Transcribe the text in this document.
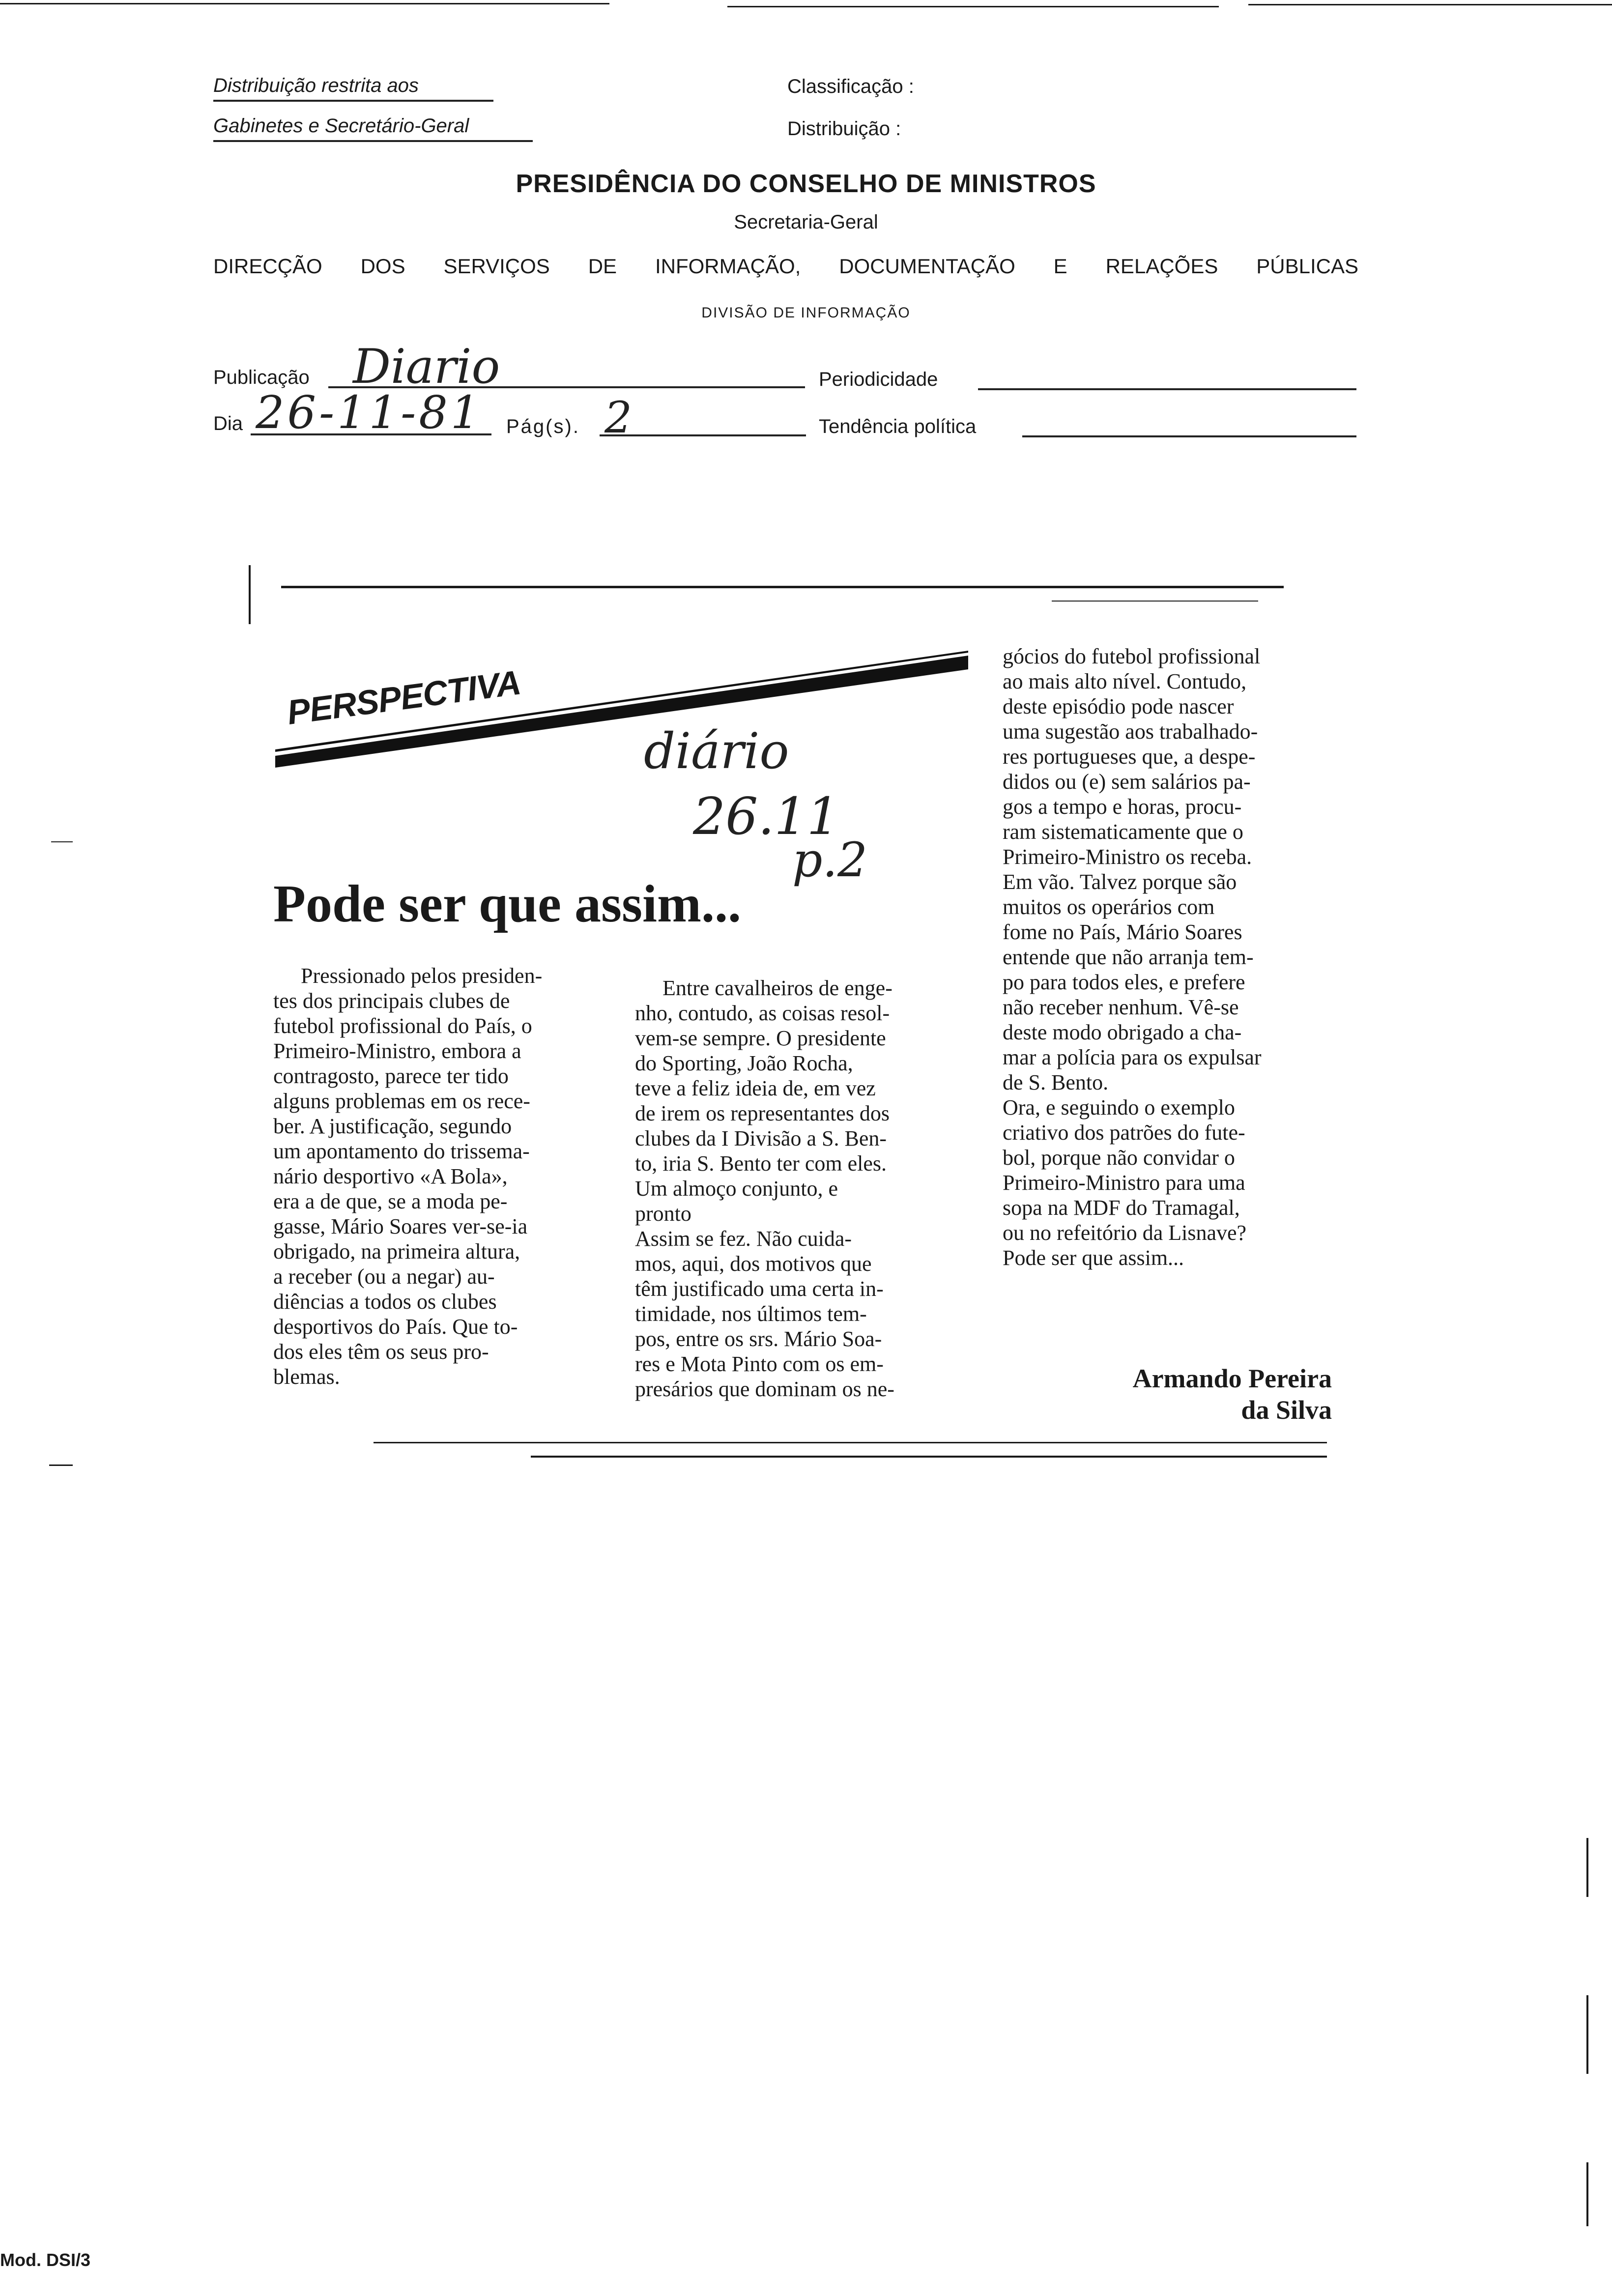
Distribuição restrita aos
Gabinetes e Secretário-Geral
Classificação :
Distribuição :
PRESIDÊNCIA DO CONSELHO DE MINISTROS
Secretaria-Geral
DIRECÇÃO DOS SERVIÇOS DE INFORMAÇÃO, DOCUMENTAÇÃO E RELAÇÕES PÚBLICAS
DIVISÃO DE INFORMAÇÃO
Publicação Diario	Periodicidade
Dia 26-11-81 Pág(s). 2	Tendência política
PERSPECTIVA
diário
26.11
p.2
Pode ser que assim...
Pressionado pelos presiden-
tes dos principais clubes de
futebol profissional do País, o
Primeiro-Ministro, embora a
contragosto, parece ter tido
alguns problemas em os rece-
ber. A justificação, segundo
um apontamento do trissema-
nário desportivo «A Bola»,
era a de que, se a moda pe-
gasse, Mário Soares ver-se-ia
obrigado, na primeira altura,
a receber (ou a negar) au-
diências a todos os clubes
desportivos do País. Que to-
dos eles têm os seus pro-
blemas.
Entre cavalheiros de enge-
nho, contudo, as coisas resol-
vem-se sempre. O presidente
do Sporting, João Rocha,
teve a feliz ideia de, em vez
de irem os representantes dos
clubes da I Divisão a S. Ben-
to, iria S. Bento ter com eles.
Um almoço conjunto, e
pronto
Assim se fez. Não cuida-
mos, aqui, dos motivos que
têm justificado uma certa in-
timidade, nos últimos tem-
pos, entre os srs. Mário Soa-
res e Mota Pinto com os em-
presários que dominam os ne-
gócios do futebol profissional
ao mais alto nível. Contudo,
deste episódio pode nascer
uma sugestão aos trabalhado-
res portugueses que, a despe-
didos ou (e) sem salários pa-
gos a tempo e horas, procu-
ram sistematicamente que o
Primeiro-Ministro os receba.
Em vão. Talvez porque são
muitos os operários com
fome no País, Mário Soares
entende que não arranja tem-
po para todos eles, e prefere
não receber nenhum. Vê-se
deste modo obrigado a cha-
mar a polícia para os expulsar
de S. Bento.
Ora, e seguindo o exemplo
criativo dos patrões do fute-
bol, porque não convidar o
Primeiro-Ministro para uma
sopa na MDF do Tramagal,
ou no refeitório da Lisnave?
Pode ser que assim...
Armando Pereira
da Silva
Mod. DSI/3
